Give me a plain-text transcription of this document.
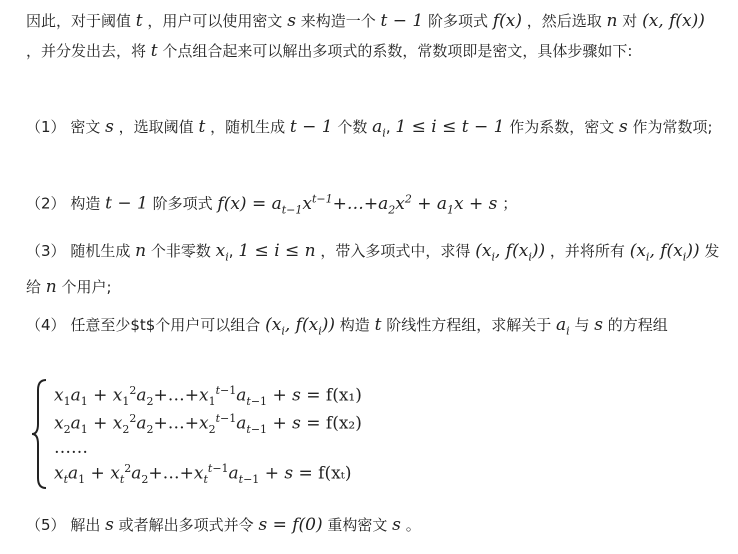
因此，对于阈值 t ，用户可以使用密文 s 来构造一个 t − 1 阶多项式 f(x) ，然后选取 n 对 (x, f(x)) ，并分发出去，将 t 个点组合起来可以解出多项式的系数，常数项即是密文，具体步骤如下:
（1） 密文 s ，选取阈值 t ，随机生成 t − 1 个数 $a_i$, 1 ≤ i ≤ t − 1 作为系数，密文 s 作为常数项;
（2） 构造 t − 1 阶多项式 $f(x) = a_{t-1}x^{t-1}+\dots+a_2x^2 + a_1x + s$ ；
（3） 随机生成 n 个非零数 $x_i$, 1 ≤ i ≤ n ，带入多项式中，求得 ($x_i$, $f(x_i)$) ，并将所有 ($x_i$, $f(x_i)$) 发给 n 个用户;
（4） 任意至少$t$个用户可以组合 ($x_i$, $f(x_i)$) 构造 t 阶线性方程组，求解关于 $a_i$ 与 s 的方程组
$x_1a_1$ + $x_1^2a_2+\dots+x_1^{t-1}a_{t-1} + s = f(x_1)$
$x_2a_1$ + $x_2^2a_2+\dots+x_2^{t-1}a_{t-1} + s = f(x_2)$
……
$x_ta_1$ + $x_t^2a_2+\dots+x_t^{t-1}a_{t-1} + s = f(x_t)$
（5） 解出 s 或者解出多项式并令 s = f(0) 重构密文 s 。
